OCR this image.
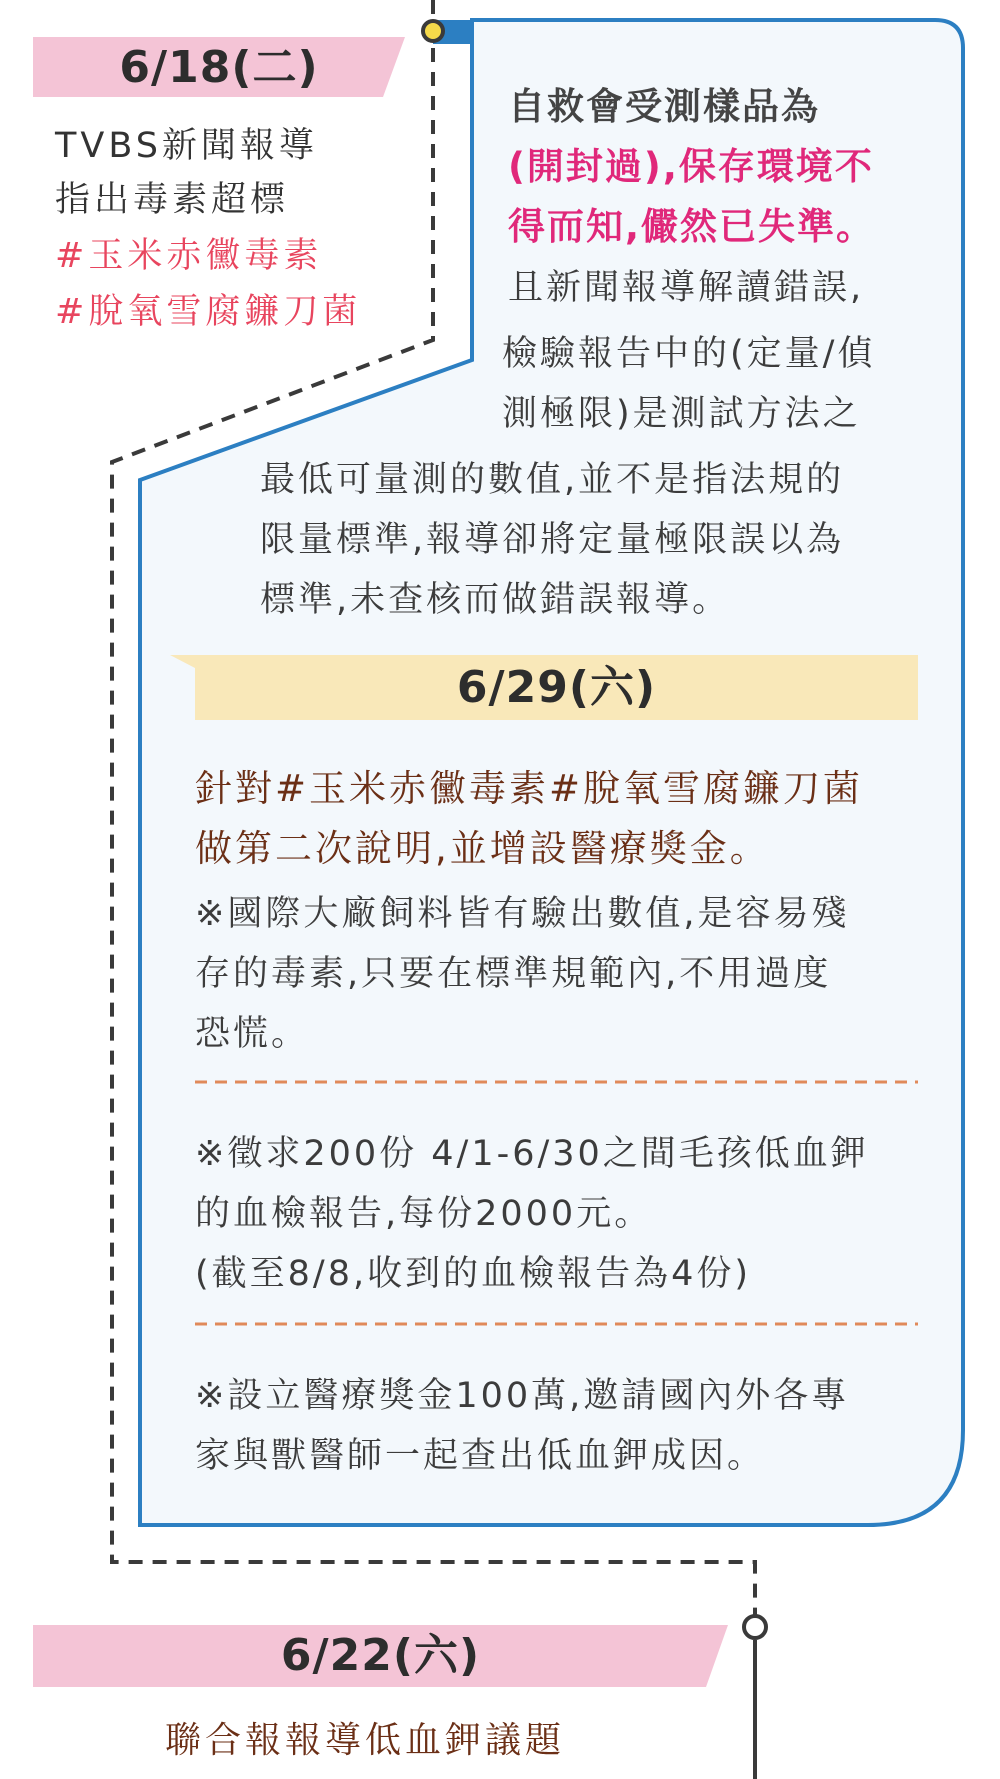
6/18(二)
TVBS新聞報導
指出毒素超標
#玉米赤黴毒素
#脫氧雪腐鐮刀菌
自救會受測樣品為
(開封過),保存環境不
得而知,儼然已失準。
且新聞報導解讀錯誤,
檢驗報告中的(定量/偵
測極限)是測試方法之
最低可量測的數值,並不是指法規的
限量標準,報導卻將定量極限誤以為
標準,未查核而做錯誤報導。
6/29(六)
針對#玉米赤黴毒素#脫氧雪腐鐮刀菌
做第二次說明,並增設醫療獎金。
※國際大廠飼料皆有驗出數值,是容易殘
存的毒素,只要在標準規範內,不用過度
恐慌。
※徵求200份 4/1-6/30之間毛孩低血鉀
的血檢報告,每份2000元。
(截至8/8,收到的血檢報告為4份)
※設立醫療獎金100萬,邀請國內外各專
家與獸醫師一起查出低血鉀成因。
6/22(六)
聯合報報導低血鉀議題
